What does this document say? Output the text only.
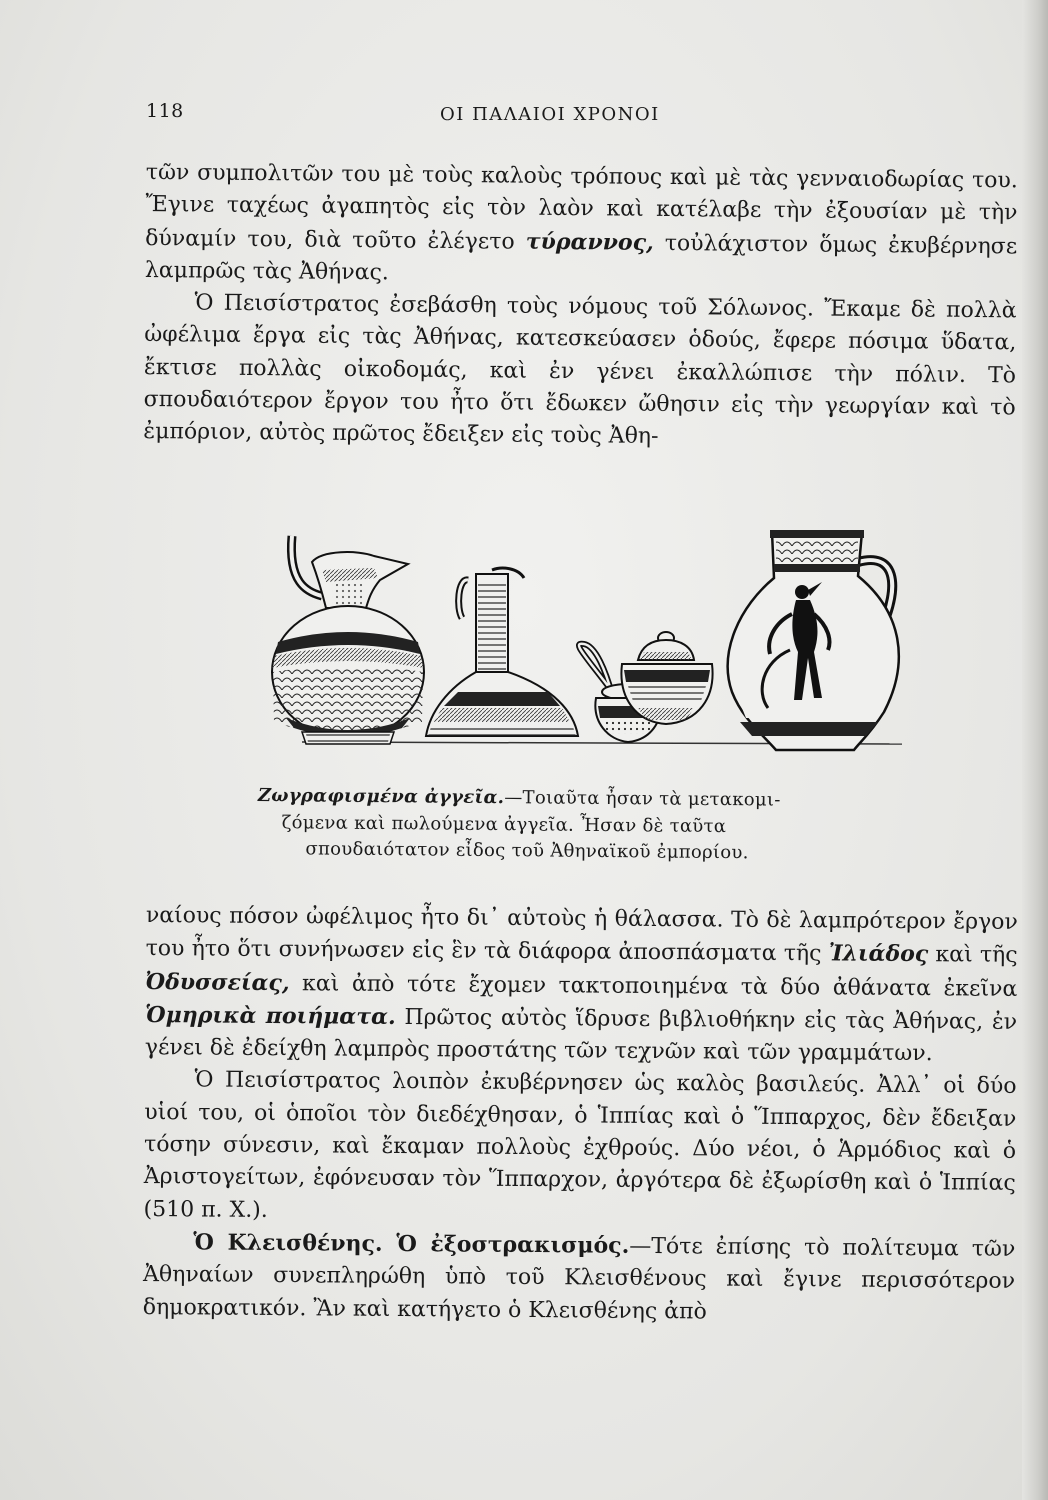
118	ΟΙ ΠΑΛΑΙΟΙ ΧΡΟΝΟΙ

τῶν συμπολιτῶν του μὲ τοὺς καλοὺς τρόπους καὶ μὲ τὰς γενναιοδωρίας του. Ἔγινε ταχέως ἀγαπητὸς εἰς τὸν λαὸν καὶ κατέλαβε τὴν ἐξουσίαν μὲ τὴν δύναμίν του, διὰ τοῦτο ἐλέγετο τύραννος, τοὐλάχιστον ὅμως ἐκυβέρνησε λαμπρῶς τὰς Ἀθήνας.

Ὁ Πεισίστρατος ἐσεβάσθη τοὺς νόμους τοῦ Σόλωνος. Ἔκαμε δὲ πολλὰ ὠφέλιμα ἔργα εἰς τὰς Ἀθήνας, κατεσκεύασεν ὁδούς, ἔφερε πόσιμα ὕδατα, ἔκτισε πολλὰς οἰκοδομάς, καὶ ἐν γένει ἐκαλλώπισε τὴν πόλιν. Τὸ σπουδαιότερον ἔργον του ἦτο ὅτι ἔδωκεν ὤθησιν εἰς τὴν γεωργίαν καὶ τὸ ἐμπόριον, αὐτὸς πρῶτος ἔδειξεν εἰς τοὺς Ἀθη-

Ζωγραφισμένα ἀγγεῖα.—Τοιαῦτα ἦσαν τὰ μετακομι-
ζόμενα καὶ πωλούμενα ἀγγεῖα. Ἦσαν δὲ ταῦτα
σπουδαιότατον εἶδος τοῦ Ἀθηναϊκοῦ ἐμπορίου.

ναίους πόσον ὠφέλιμος ἦτο δι᾽ αὐτοὺς ἡ θάλασσα. Τὸ δὲ λαμπρότερον ἔργον του ἦτο ὅτι συνήνωσεν εἰς ἓν τὰ διάφορα ἀποσπάσματα τῆς Ἰλιάδος καὶ τῆς Ὀδυσσείας, καὶ ἀπὸ τότε ἔχομεν τακτοποιημένα τὰ δύο ἀθάνατα ἐκεῖνα Ὁμηρικὰ ποιήματα. Πρῶτος αὐτὸς ἵδρυσε βιβλιοθήκην εἰς τὰς Ἀθήνας, ἐν γένει δὲ ἐδείχθη λαμπρὸς προστάτης τῶν τεχνῶν καὶ τῶν γραμμάτων.

Ὁ Πεισίστρατος λοιπὸν ἐκυβέρνησεν ὡς καλὸς βασιλεύς. Ἀλλ᾽ οἱ δύο υἱοί του, οἱ ὁποῖοι τὸν διεδέχθησαν, ὁ Ἱππίας καὶ ὁ Ἵππαρχος, δὲν ἔδειξαν τόσην σύνεσιν, καὶ ἔκαμαν πολλοὺς ἐχθρούς. Δύο νέοι, ὁ Ἁρμόδιος καὶ ὁ Ἀριστογείτων, ἐφόνευσαν τὸν Ἵππαρχον, ἀργότερα δὲ ἐξωρίσθη καὶ ὁ Ἱππίας (510 π. Χ.).

Ὁ Κλεισθένης. Ὁ ἐξοστρακισμός.—Τότε ἐπίσης τὸ πολίτευμα τῶν Ἀθηναίων συνεπληρώθη ὑπὸ τοῦ Κλεισθένους καὶ ἔγινε περισσότερον δημοκρατικόν. Ἂν καὶ κατήγετο ὁ Κλεισθένης ἀπὸ
